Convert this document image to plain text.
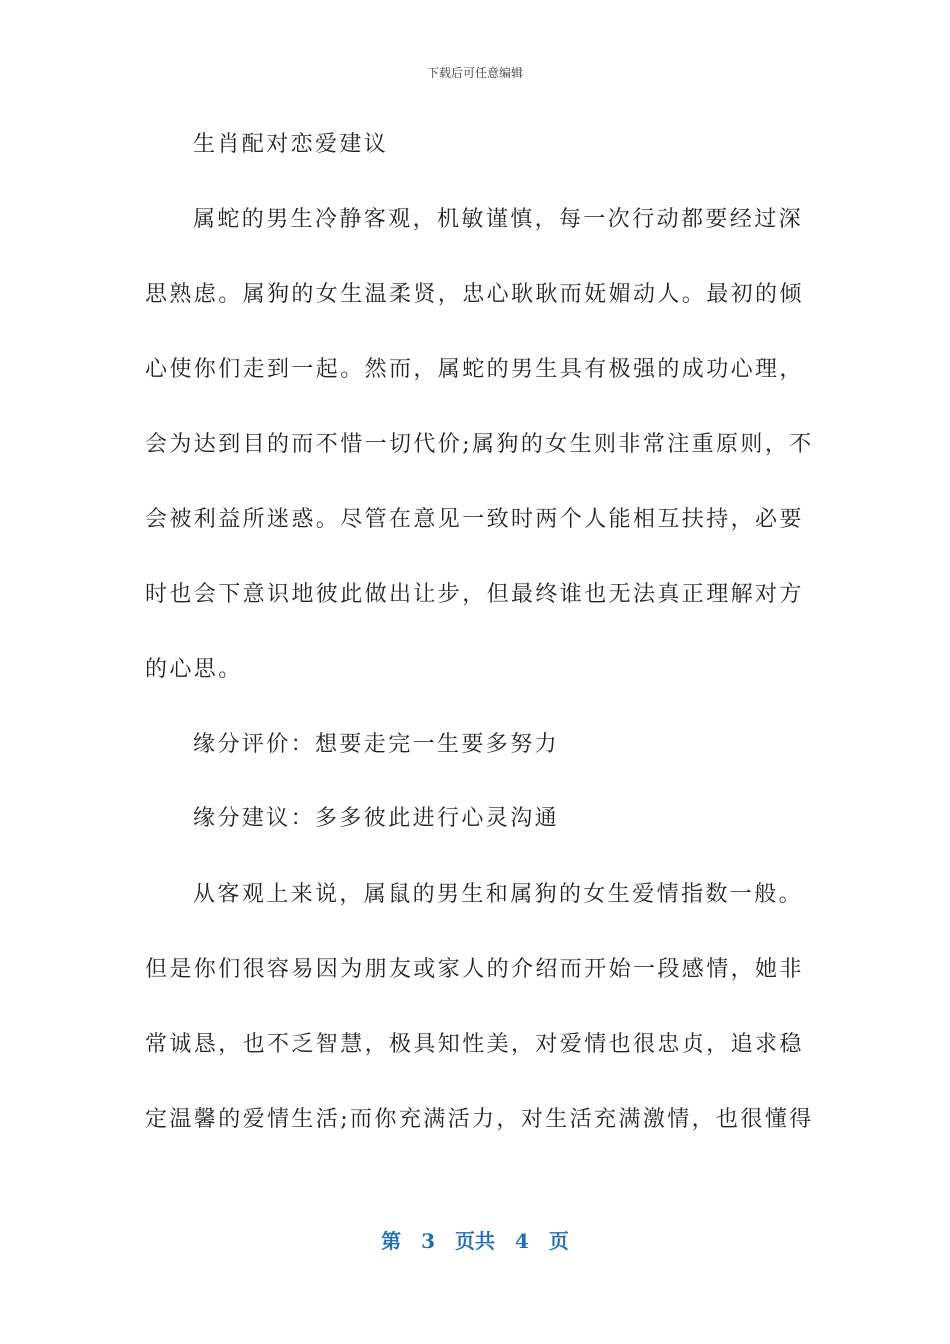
下载后可任意编辑
生肖配对恋爱建议
属蛇的男生冷静客观，机敏谨慎，每一次行动都要经过深
思熟虑。属狗的女生温柔贤，忠心耿耿而妩媚动人。最初的倾
心使你们走到一起。然而，属蛇的男生具有极强的成功心理，
会为达到目的而不惜一切代价;属狗的女生则非常注重原则，不
会被利益所迷惑。尽管在意见一致时两个人能相互扶持，必要
时也会下意识地彼此做出让步，但最终谁也无法真正理解对方
的心思。
缘分评价：想要走完一生要多努力
缘分建议：多多彼此进行心灵沟通
从客观上来说，属鼠的男生和属狗的女生爱情指数一般。
但是你们很容易因为朋友或家人的介绍而开始一段感情，她非
常诚恳，也不乏智慧，极具知性美，对爱情也很忠贞，追求稳
定温馨的爱情生活;而你充满活力，对生活充满激情，也很懂得
第 3 页共 4 页
